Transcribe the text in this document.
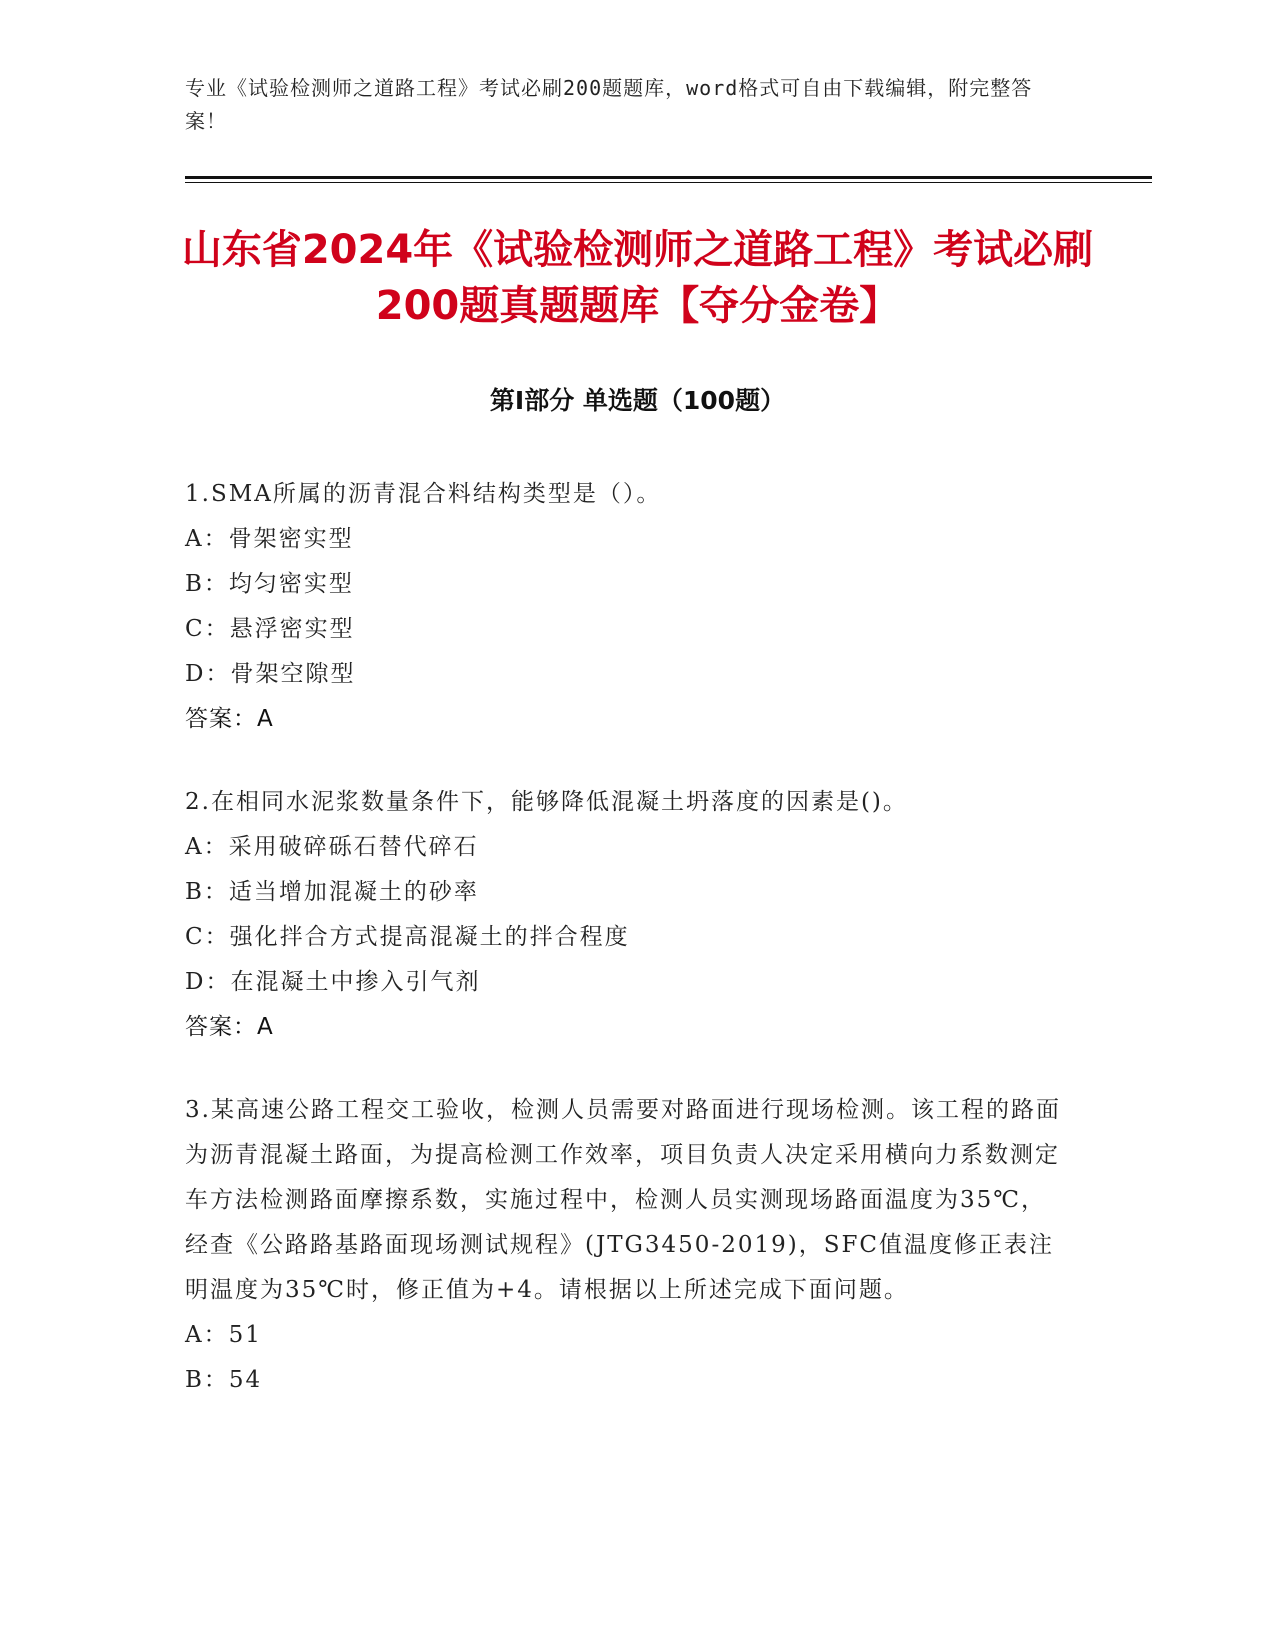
专业《试验检测师之道路工程》考试必刷200题题库，word格式可自由下载编辑，附完整答案！
山东省2024年《试验检测师之道路工程》考试必刷200题真题题库【夺分金卷】
第I部分 单选题（100题）

1.SMA所属的沥青混合料结构类型是（）。

A：骨架密实型

B：均匀密实型

C：悬浮密实型

D：骨架空隙型

答案：A

2.在相同水泥浆数量条件下，能够降低混凝土坍落度的因素是()。

A：采用破碎砾石替代碎石

B：适当增加混凝土的砂率

C：强化拌合方式提高混凝土的拌合程度

D：在混凝土中掺入引气剂

答案：A

3.某高速公路工程交工验收，检测人员需要对路面进行现场检测。该工程的路面为沥青混凝土路面，为提高检测工作效率，项目负责人决定采用横向力系数测定车方法检测路面摩擦系数，实施过程中，检测人员实测现场路面温度为35℃，经查《公路路基路面现场测试规程》(JTG3450-2019)，SFC值温度修正表注明温度为35℃时，修正值为+4。请根据以上所述完成下面问题。

A：51

B：54
